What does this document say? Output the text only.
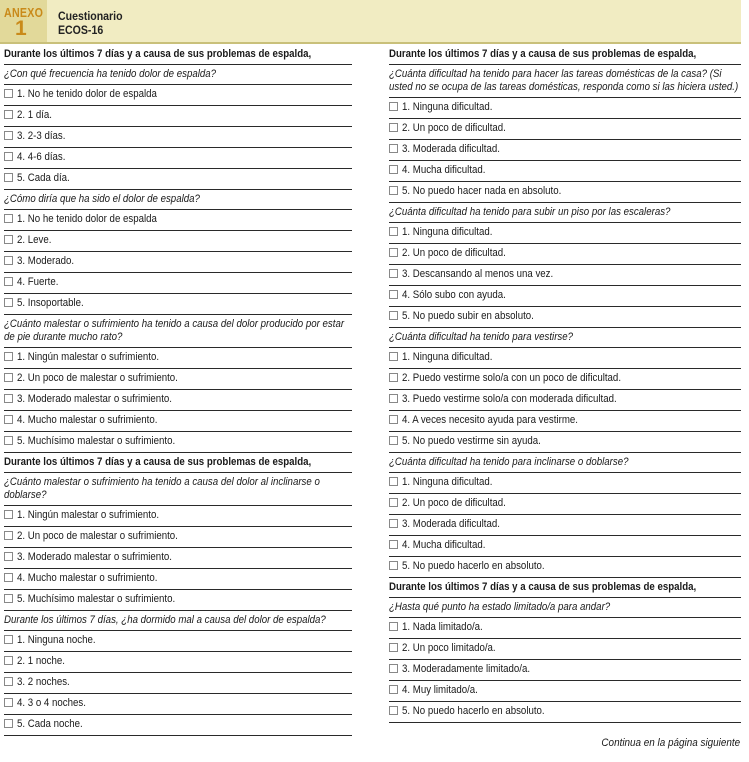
ANEXO
1
Cuestionario
ECOS-16
Durante los últimos 7 días y a causa de sus problemas de espalda,
¿Con qué frecuencia ha tenido dolor de espalda?
1. No he tenido dolor de espalda
2. 1 día.
3. 2-3 días.
4. 4-6 días.
5. Cada día.
¿Cómo diría que ha sido el dolor de espalda?
1. No he tenido dolor de espalda
2. Leve.
3. Moderado.
4. Fuerte.
5. Insoportable.
¿Cuánto malestar o sufrimiento ha tenido a causa del dolor producido por estar de pie durante mucho rato?
1. Ningún malestar o sufrimiento.
2. Un poco de malestar o sufrimiento.
3. Moderado malestar o sufrimiento.
4. Mucho malestar o sufrimiento.
5. Muchísimo malestar o sufrimiento.
Durante los últimos 7 días y a causa de sus problemas de espalda,
¿Cuánto malestar o sufrimiento ha tenido a causa del dolor al inclinarse o doblarse?
1. Ningún malestar o sufrimiento.
2. Un poco de malestar o sufrimiento.
3. Moderado malestar o sufrimiento.
4. Mucho malestar o sufrimiento.
5. Muchísimo malestar o sufrimiento.
Durante los últimos 7 días, ¿ha dormido mal a causa del dolor de espalda?
1. Ninguna noche.
2. 1 noche.
3. 2 noches.
4. 3 o 4 noches.
5. Cada noche.
Durante los últimos 7 días y a causa de sus problemas de espalda,
¿Cuánta dificultad ha tenido para hacer las tareas domésticas de la casa? (Si usted no se ocupa de las tareas domésticas, responda como si las hiciera usted.)
1. Ninguna dificultad.
2. Un poco de dificultad.
3. Moderada dificultad.
4. Mucha dificultad.
5. No puedo hacer nada en absoluto.
¿Cuánta dificultad ha tenido para subir un piso por las escaleras?
1. Ninguna dificultad.
2. Un poco de dificultad.
3. Descansando al menos una vez.
4. Sólo subo con ayuda.
5. No puedo subir en absoluto.
¿Cuánta dificultad ha tenido para vestirse?
1. Ninguna dificultad.
2. Puedo vestirme solo/a con un poco de dificultad.
3. Puedo vestirme solo/a con moderada dificultad.
4. A veces necesito ayuda para vestirme.
5. No puedo vestirme sin ayuda.
¿Cuánta dificultad ha tenido para inclinarse o doblarse?
1. Ninguna dificultad.
2. Un poco de dificultad.
3. Moderada dificultad.
4. Mucha dificultad.
5. No puedo hacerlo en absoluto.
Durante los últimos 7 días y a causa de sus problemas de espalda,
¿Hasta qué punto ha estado limitado/a para andar?
1. Nada limitado/a.
2. Un poco limitado/a.
3. Moderadamente limitado/a.
4. Muy limitado/a.
5. No puedo hacerlo en absoluto.
Continua en la página siguiente
